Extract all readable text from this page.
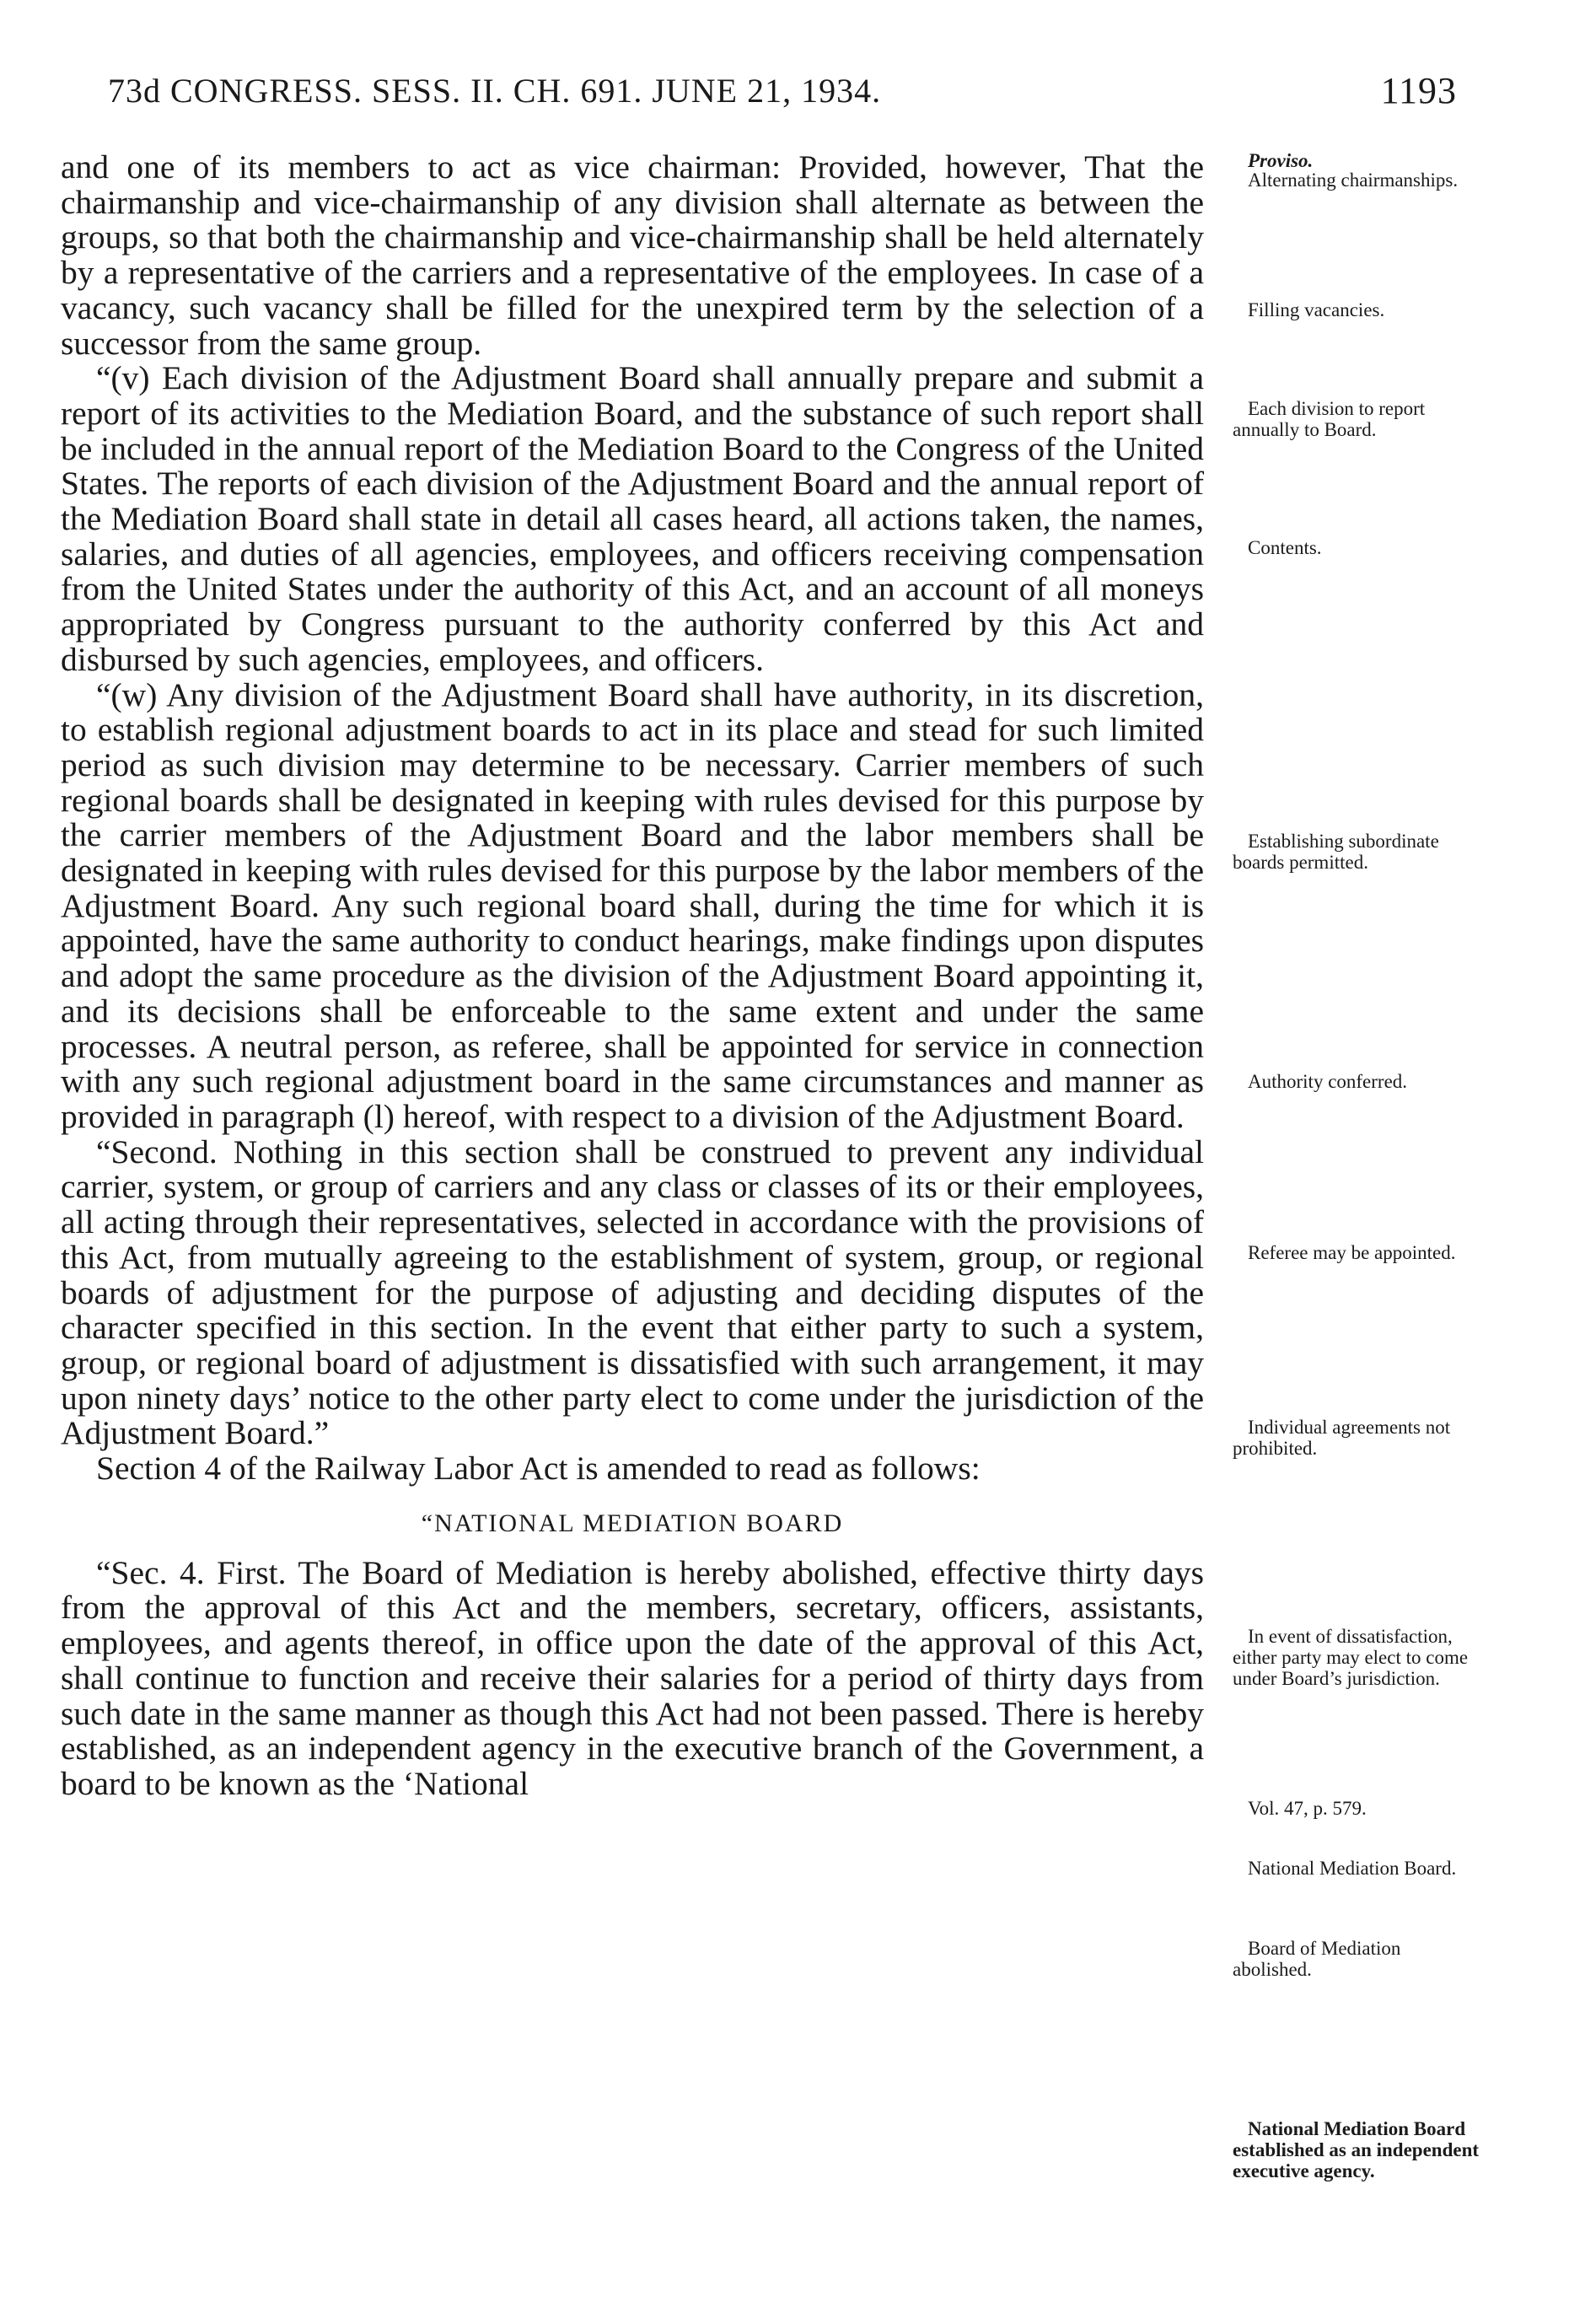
73d CONGRESS. SESS. II. CH. 691. JUNE 21, 1934.	1193

and one of its members to act as vice chairman: Provided, however, That the chairmanship and vice-chairmanship of any division shall alternate as between the groups, so that both the chairmanship and vice-chairmanship shall be held alternately by a representative of the carriers and a representative of the employees. In case of a vacancy, such vacancy shall be filled for the unexpired term by the selection of a successor from the same group.

“(v) Each division of the Adjustment Board shall annually prepare and submit a report of its activities to the Mediation Board, and the substance of such report shall be included in the annual report of the Mediation Board to the Congress of the United States. The reports of each division of the Adjustment Board and the annual report of the Mediation Board shall state in detail all cases heard, all actions taken, the names, salaries, and duties of all agencies, employees, and officers receiving compensation from the United States under the authority of this Act, and an account of all moneys appropriated by Congress pursuant to the authority conferred by this Act and disbursed by such agencies, employees, and officers.

“(w) Any division of the Adjustment Board shall have authority, in its discretion, to establish regional adjustment boards to act in its place and stead for such limited period as such division may determine to be necessary. Carrier members of such regional boards shall be designated in keeping with rules devised for this purpose by the carrier members of the Adjustment Board and the labor members shall be designated in keeping with rules devised for this purpose by the labor members of the Adjustment Board. Any such regional board shall, during the time for which it is appointed, have the same authority to conduct hearings, make findings upon disputes and adopt the same procedure as the division of the Adjustment Board appointing it, and its decisions shall be enforceable to the same extent and under the same processes. A neutral person, as referee, shall be appointed for service in connection with any such regional adjustment board in the same circumstances and manner as provided in paragraph (l) hereof, with respect to a division of the Adjustment Board.

“Second. Nothing in this section shall be construed to prevent any individual carrier, system, or group of carriers and any class or classes of its or their employees, all acting through their representatives, selected in accordance with the provisions of this Act, from mutually agreeing to the establishment of system, group, or regional boards of adjustment for the purpose of adjusting and deciding disputes of the character specified in this section. In the event that either party to such a system, group, or regional board of adjustment is dissatisfied with such arrangement, it may upon ninety days’ notice to the other party elect to come under the jurisdiction of the Adjustment Board.”

Section 4 of the Railway Labor Act is amended to read as follows:

“NATIONAL MEDIATION BOARD

“Sec. 4. First. The Board of Mediation is hereby abolished, effective thirty days from the approval of this Act and the members, secretary, officers, assistants, employees, and agents thereof, in office upon the date of the approval of this Act, shall continue to function and receive their salaries for a period of thirty days from such date in the same manner as though this Act had not been passed. There is hereby established, as an independent agency in the executive branch of the Government, a board to be known as the ‘National

Proviso.
Alternating chairmanships.
Filling vacancies.
Each division to report annually to Board.
Contents.
Establishing subordinate boards permitted.
Authority conferred.
Referee may be appointed.
Individual agreements not prohibited.
In event of dissatisfaction, either party may elect to come under Board’s jurisdiction.
Vol. 47, p. 579.
National Mediation Board.
Board of Mediation abolished.
National Mediation Board established as an independent executive agency.
